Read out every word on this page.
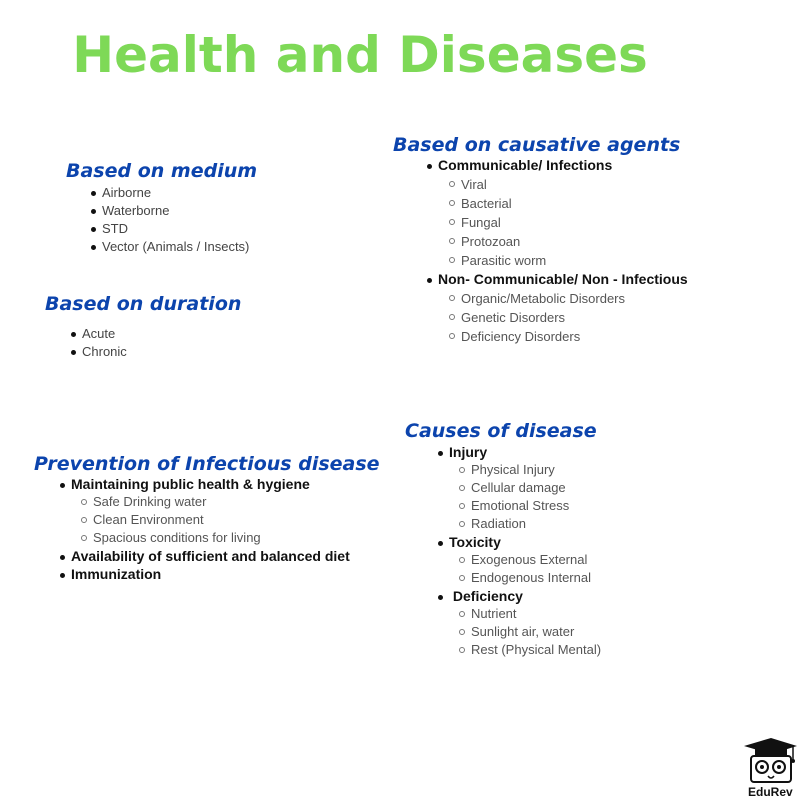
Health and Diseases
Based on medium
Airborne
Waterborne
STD
Vector (Animals / Insects)
Based on duration
Acute
Chronic
Based on causative agents
Communicable/ Infections
Viral
Bacterial
Fungal
Protozoan
Parasitic worm
Non- Communicable/ Non - Infectious
Organic/Metabolic Disorders
Genetic Disorders
Deficiency Disorders
Prevention of Infectious disease
Maintaining public health & hygiene
Safe Drinking water
Clean Environment
Spacious conditions for living
Availability of sufficient and balanced diet
Immunization
Causes of disease
Injury
Physical Injury
Cellular damage
Emotional Stress
Radiation
Toxicity
Exogenous External
Endogenous Internal
Deficiency
Nutrient
Sunlight air, water
Rest (Physical Mental)
EduRev
